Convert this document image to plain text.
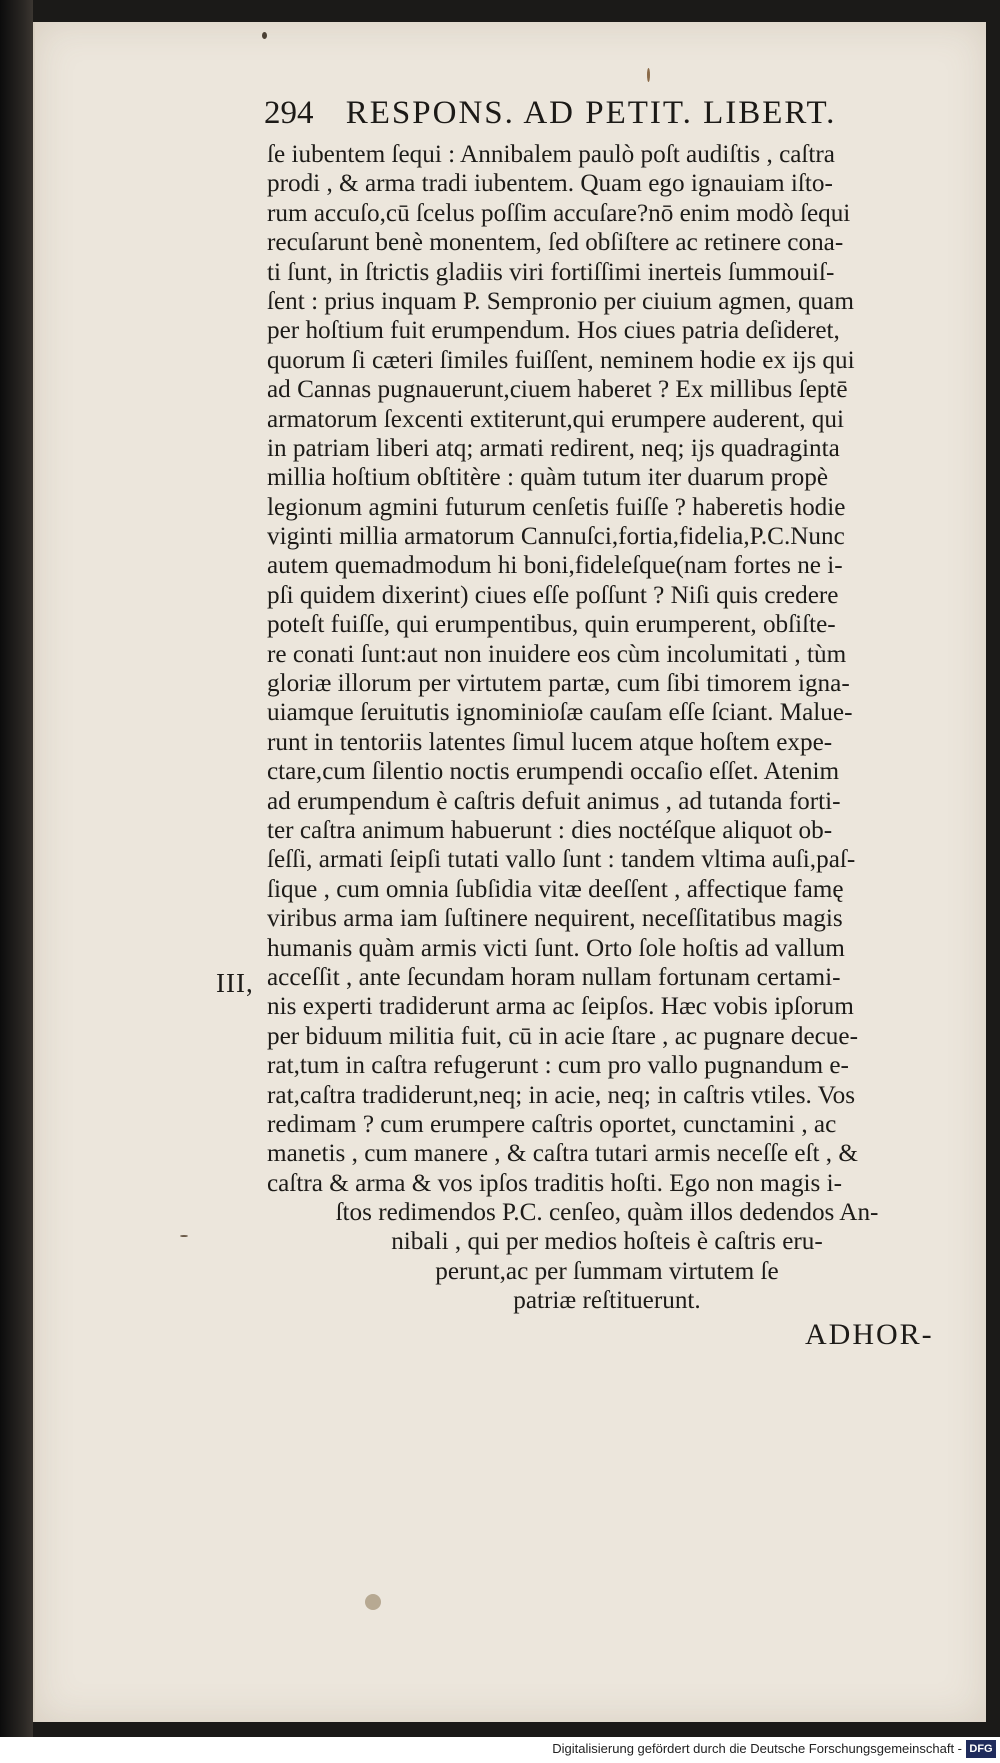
294 RESPONS. AD PETIT. LIBERT.
ſe iubentem ſequi : Annibalem paulò poſt audiſtis , caſtra
prodi , & arma tradi iubentem. Quam ego ignauiam iſto-
rum accuſo,cū ſcelus poſſim accuſare?nō enim modò ſequi
recuſarunt benè monentem, ſed obſiſtere ac retinere cona-
ti ſunt, in ſtrictis gladiis viri fortiſſimi inerteis ſummouiſ-
ſent : prius inquam P. Sempronio per ciuium agmen, quam
per hoſtium fuit erumpendum. Hos ciues patria deſideret,
quorum ſi cæteri ſimiles fuiſſent, neminem hodie ex ijs qui
ad Cannas pugnauerunt,ciuem haberet ? Ex millibus ſeptē
armatorum ſexcenti extiterunt,qui erumpere auderent, qui
in patriam liberi atq; armati redirent, neq; ijs quadraginta
millia hoſtium obſtitère : quàm tutum iter duarum propè
legionum agmini futurum cenſetis fuiſſe ? haberetis hodie
viginti millia armatorum Cannuſci,fortia,fidelia,P.C.Nunc
autem quemadmodum hi boni,fideleſque(nam fortes ne i-
pſi quidem dixerint) ciues eſſe poſſunt ? Niſi quis credere
poteſt fuiſſe, qui erumpentibus, quin erumperent, obſiſte-
re conati ſunt:aut non inuidere eos cùm incolumitati , tùm
gloriæ illorum per virtutem partæ, cum ſibi timorem igna-
uiamque ſeruitutis ignominioſæ cauſam eſſe ſciant. Malue-
runt in tentoriis latentes ſimul lucem atque hoſtem expe-
ctare,cum ſilentio noctis erumpendi occaſio eſſet. Atenim
ad erumpendum è caſtris defuit animus , ad tutanda forti-
ter caſtra animum habuerunt : dies noctéſque aliquot ob-
ſeſſi, armati ſeipſi tutati vallo ſunt : tandem vltima auſi,paſ-
ſique , cum omnia ſubſidia vitæ deeſſent , affectique famę
viribus arma iam ſuſtinere nequirent, neceſſitatibus magis
humanis quàm armis victi ſunt. Orto ſole hoſtis ad vallum
acceſſit , ante ſecundam horam nullam fortunam certami-
nis experti tradiderunt arma ac ſeipſos. Hæc vobis ipſorum
per biduum militia fuit, cū in acie ſtare , ac pugnare decue-
rat,tum in caſtra refugerunt : cum pro vallo pugnandum e-
rat,caſtra tradiderunt,neq; in acie, neq; in caſtris vtiles. Vos
redimam ? cum erumpere caſtris oportet, cunctamini , ac
manetis , cum manere , & caſtra tutari armis neceſſe eſt , &
caſtra & arma & vos ipſos traditis hoſti. Ego non magis i-
ſtos redimendos P.C. cenſeo, quàm illos dedendos An-
nibali , qui per medios hoſteis è caſtris eru-
perunt,ac per ſummam virtutem ſe
patriæ reſtituerunt.
III,
ADHOR-
Digitalisierung gefördert durch die Deutsche Forschungsgemeinschaft - DFG
